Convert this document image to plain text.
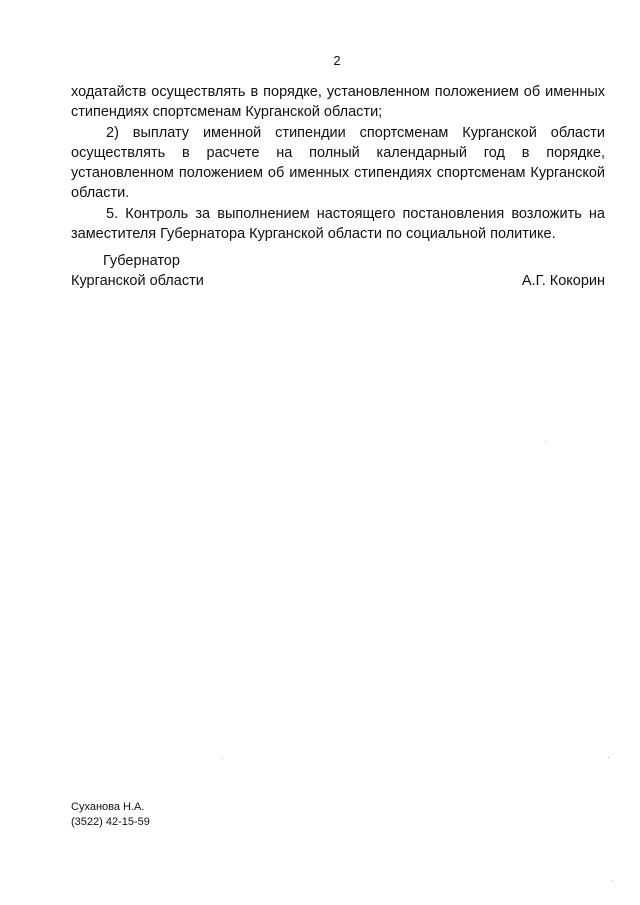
2

ходатайств осуществлять в порядке, установленном положением об именных стипендиях спортсменам Курганской области;

2) выплату именной стипендии спортсменам Курганской области осуществлять в расчете на полный календарный год в порядке, установленном положением об именных стипендиях спортсменам Курганской области.

5. Контроль за выполнением настоящего постановления возложить на заместителя Губернатора Курганской области по социальной политике.

Губернатор
Курганской области	А.Г. Кокорин
Суханова Н.А.
(3522) 42-15-59
